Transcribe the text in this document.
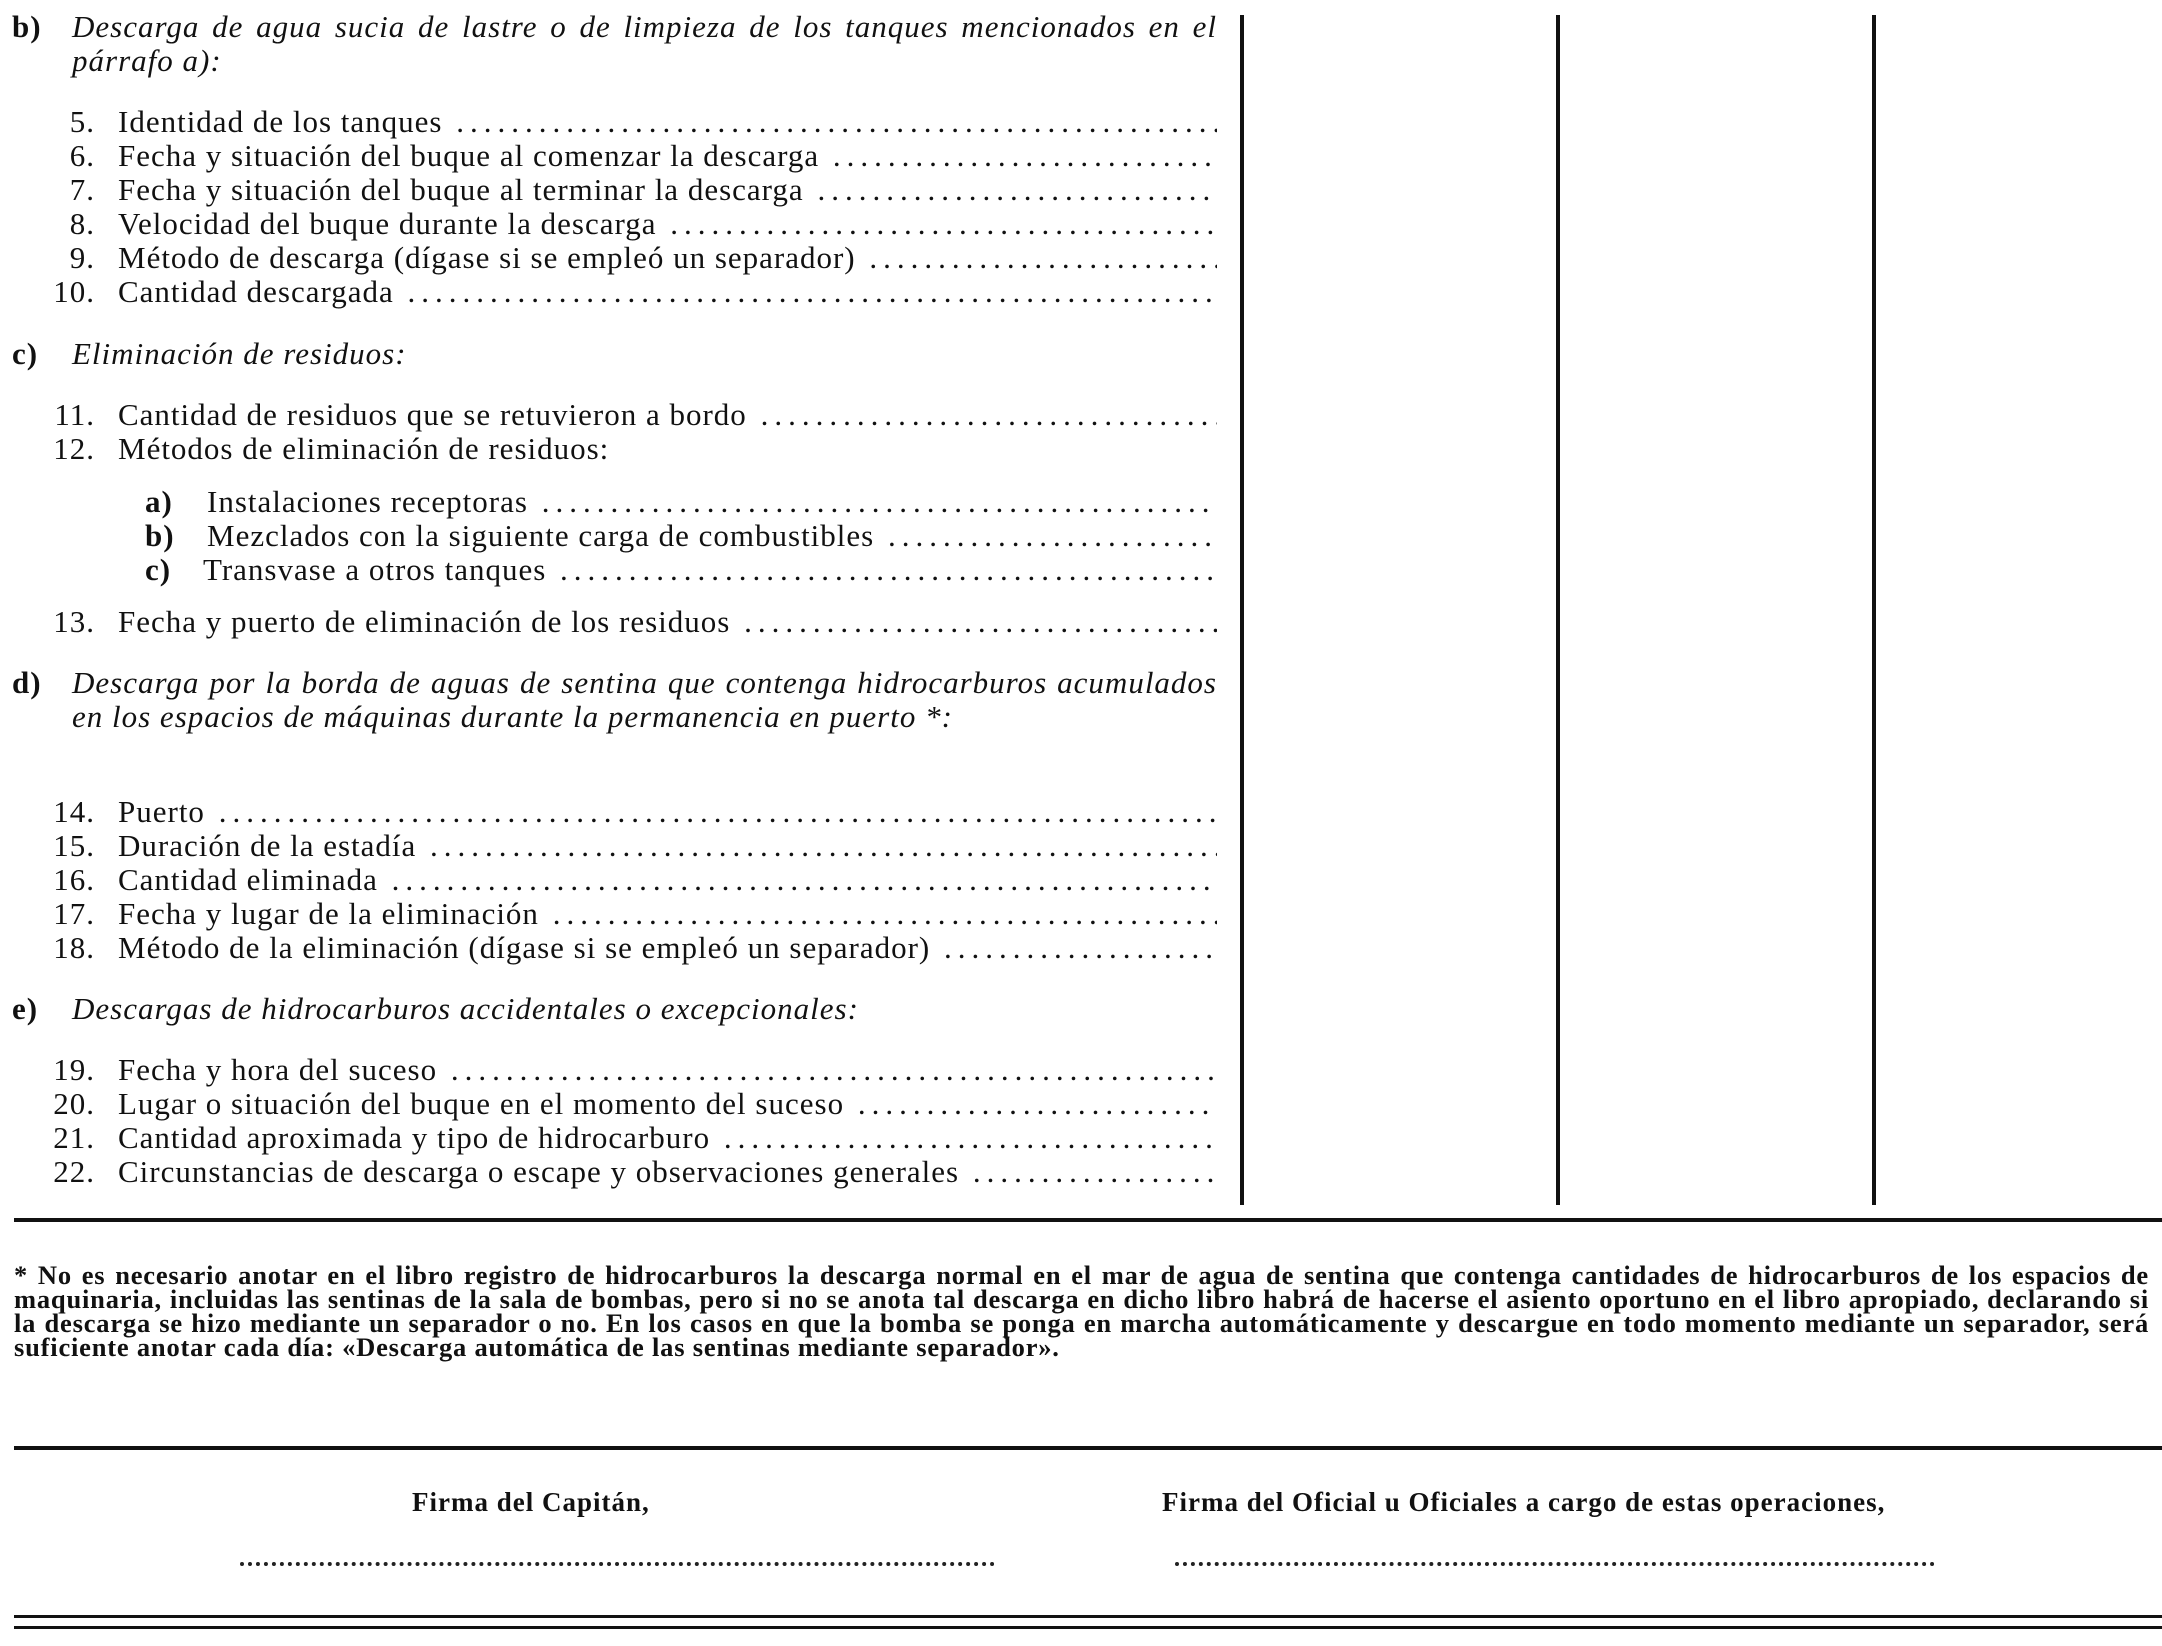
b) Descarga de agua sucia de lastre o de limpieza de los tanques mencionados en el párrafo a):
5. Identidad de los tanques .....
6. Fecha y situación del buque al comenzar la descarga .....
7. Fecha y situación del buque al terminar la descarga .....
8. Velocidad del buque durante la descarga .....
9. Método de descarga (dígase si se empleó un separador) .....
10. Cantidad descargada .....
c) Eliminación de residuos:
11. Cantidad de residuos que se retuvieron a bordo .....
12. Métodos de eliminación de residuos:
a) Instalaciones receptoras .....
b) Mezclados con la siguiente carga de combustibles .....
c) Transvase a otros tanques .....
13. Fecha y puerto de eliminación de los residuos .....
d) Descarga por la borda de aguas de sentina que contenga hidrocarburos acumulados en los espacios de máquinas durante la permanencia en puerto *:
14. Puerto .....
15. Duración de la estadía .....
16. Cantidad eliminada .....
17. Fecha y lugar de la eliminación .....
18. Método de la eliminación (dígase si se empleó un separador) .....
e) Descargas de hidrocarburos accidentales o excepcionales:
19. Fecha y hora del suceso .....
20. Lugar o situación del buque en el momento del suceso .....
21. Cantidad aproximada y tipo de hidrocarburo .....
22. Circunstancias de descarga o escape y observaciones generales .....
* No es necesario anotar en el libro registro de hidrocarburos la descarga normal en el mar de agua de sentina que contenga cantidades de hidrocarburos de los espacios de maquinaria, incluidas las sentinas de la sala de bombas, pero si no se anota tal descarga en dicho libro habrá de hacerse el asiento oportuno en el libro apropiado, declarando si la descarga se hizo mediante un separador o no. En los casos en que la bomba se ponga en marcha automáticamente y descargue en todo momento mediante un separador, será suficiente anotar cada día: «Descarga automática de las sentinas mediante separador».
Firma del Capitán,	Firma del Oficial u Oficiales a cargo de estas operaciones,
